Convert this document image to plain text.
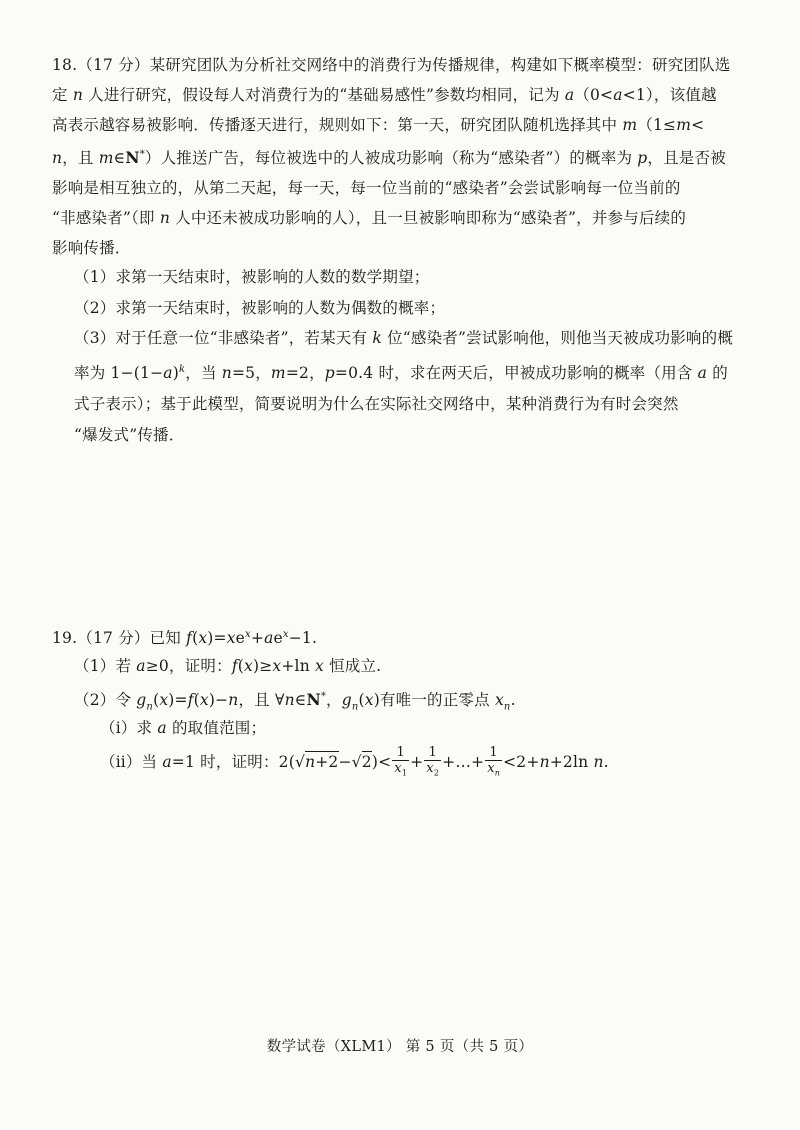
18.（17 分）某研究团队为分析社交网络中的消费行为传播规律，构建如下概率模型：研究团队选
定 n 人进行研究，假设每人对消费行为的“基础易感性”参数均相同，记为 a（0<a<1），该值越
高表示越容易被影响．传播逐天进行，规则如下：第一天，研究团队随机选择其中 m（1≤m<
n，且 m∈N*）人推送广告，每位被选中的人被成功影响（称为“感染者”）的概率为 p，且是否被
影响是相互独立的，从第二天起，每一天，每一位当前的“感染者”会尝试影响每一位当前的
“非感染者”（即 n 人中还未被成功影响的人），且一旦被影响即称为“感染者”，并参与后续的
影响传播．
（1）求第一天结束时，被影响的人数的数学期望；
（2）求第一天结束时，被影响的人数为偶数的概率；
（3）对于任意一位“非感染者”，若某天有 k 位“感染者”尝试影响他，则他当天被成功影响的概
率为 $1-(1-a)^k$，当 n=5，m=2，p=0.4 时，求在两天后，甲被成功影响的概率（用含 a 的
式子表示）；基于此模型，简要说明为什么在实际社交网络中，某种消费行为有时会突然
“爆发式”传播．
19.（17 分）已知 $f(x)=xe^x+ae^x-1$.
（1）若 a≥0，证明：f(x)≥x+ln x 恒成立.
（2）令 $g_n(x)=f(x)-n$，且 ∀n∈N*，$g_n(x)$有唯一的正零点 $x_n$.
（ⅰ）求 a 的取值范围；
（ⅱ）当 a=1 时，证明：$2(√n+2-√2)< \frac{1}{x_1} + \frac{1}{x_2}$ +…+ $\frac{1}{x_n} <2+n+2\ln$ n.
数学试卷（XLM1） 第 5 页（共 5 页）
